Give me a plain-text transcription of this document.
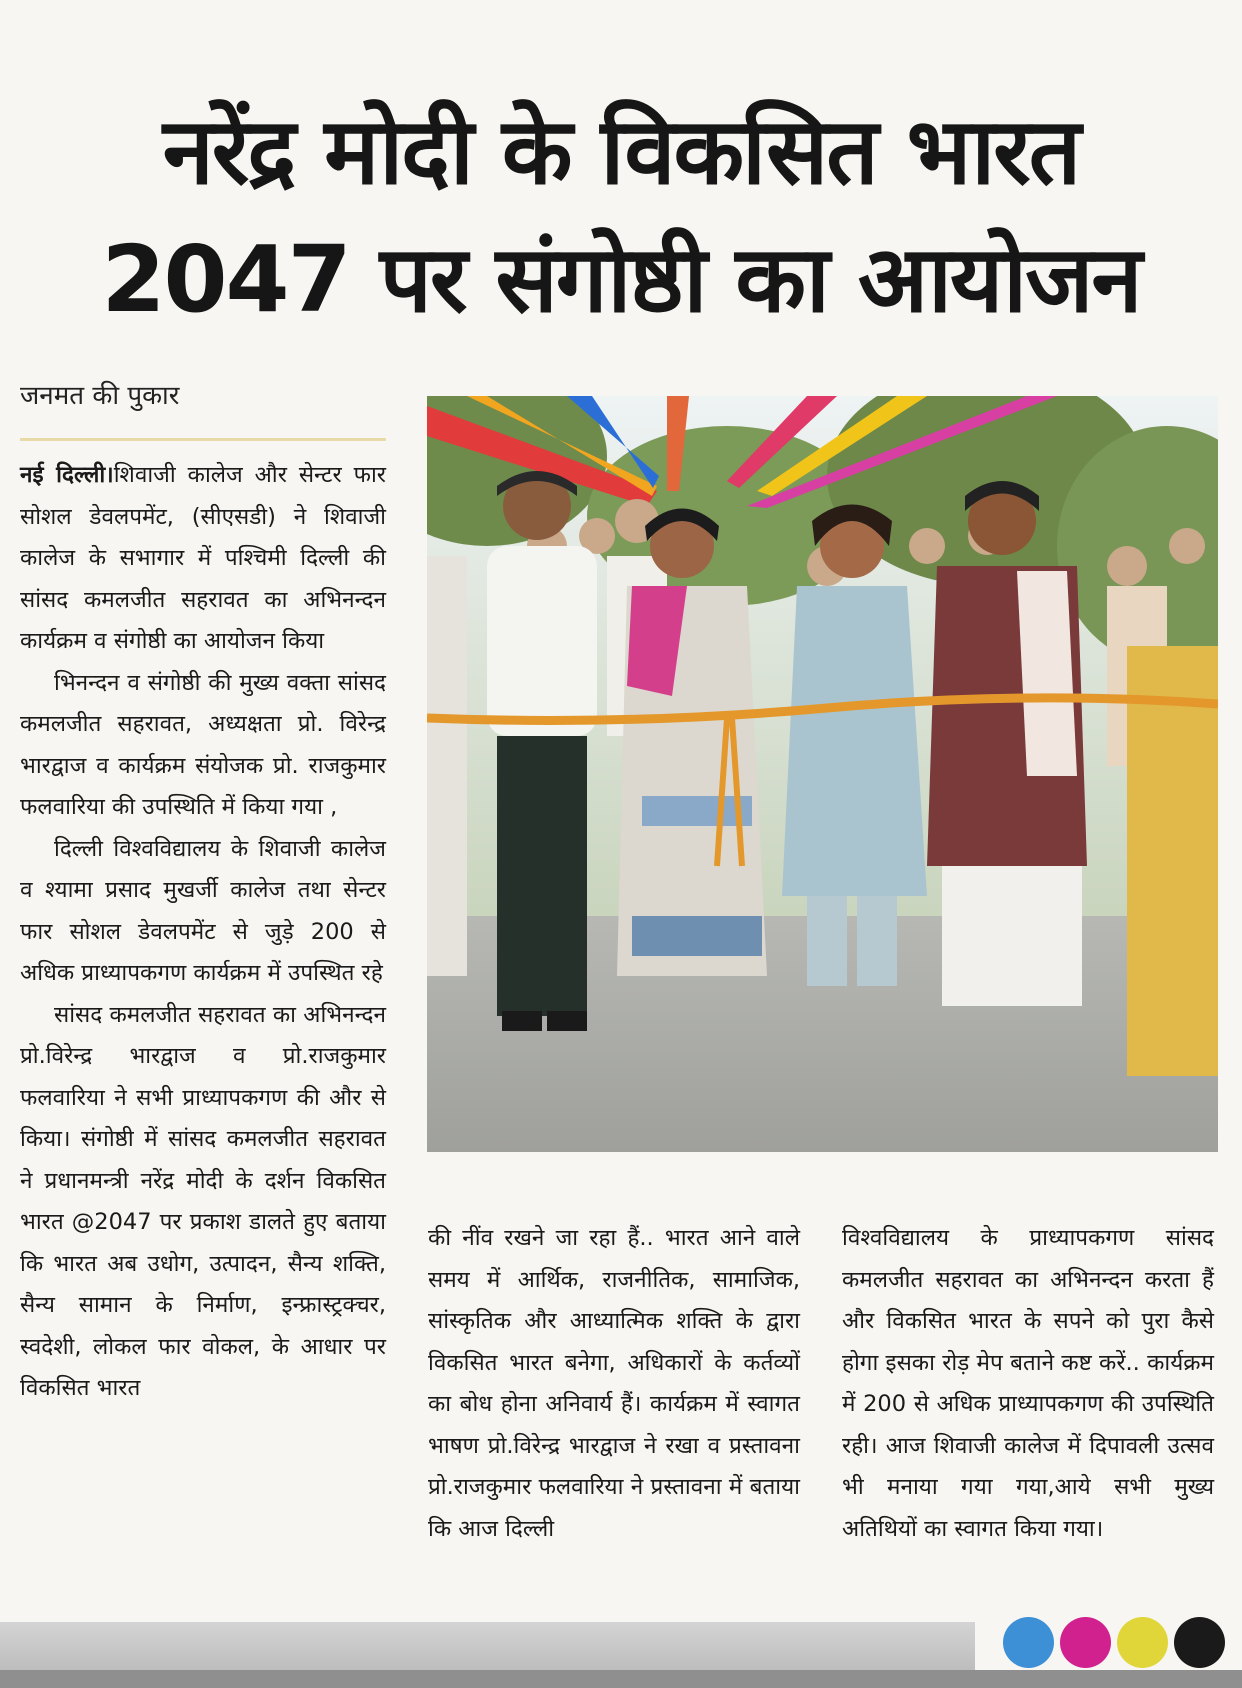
नरेंद्र मोदी के विकसित भारत
2047 पर संगोष्ठी का आयोजन
जनमत की पुकार

नई दिल्ली।शिवाजी कालेज और सेन्टर फार सोशल डेवलपमेंट, (सीएसडी) ने शिवाजी कालेज के सभागार में पश्चिमी दिल्ली की सांसद कमलजीत सहरावत का अभिनन्दन कार्यक्रम व संगोष्ठी का आयोजन किया

भिनन्दन व संगोष्ठी की मुख्य वक्ता सांसद कमलजीत सहरावत, अध्यक्षता प्रो. विरेन्द्र भारद्वाज व कार्यक्रम संयोजक प्रो. राजकुमार फलवारिया की उपस्थिति में किया गया ,

दिल्ली विश्वविद्यालय के शिवाजी कालेज व श्यामा प्रसाद मुखर्जी कालेज तथा सेन्टर फार सोशल डेवलपमेंट से जुड़े 200 से अधिक प्राध्यापकगण कार्यक्रम में उपस्थित रहे

सांसद कमलजीत सहरावत का अभिनन्दन प्रो.विरेन्द्र भारद्वाज व प्रो.राजकुमार फलवारिया ने सभी प्राध्यापकगण की और से किया। संगोष्ठी में सांसद कमलजीत सहरावत ने प्रधानमन्त्री नरेंद्र मोदी के दर्शन विकसित भारत @2047 पर प्रकाश डालते हुए बताया कि भारत अब उधोग, उत्पादन, सैन्य शक्ति, सैन्य सामान के निर्माण, इन्फ्रास्ट्रक्चर, स्वदेशी, लोकल फार वोकल, के आधार पर विकसित भारत

की नींव रखने जा रहा हैं.. भारत आने वाले समय में आर्थिक, राजनीतिक, सामाजिक, सांस्कृतिक और आध्यात्मिक शक्ति के द्वारा विकसित भारत बनेगा, अधिकारों के कर्तव्यों का बोध होना अनिवार्य हैं। कार्यक्रम में स्वागत भाषण प्रो.विरेन्द्र भारद्वाज ने रखा व प्रस्तावना प्रो.राजकुमार फलवारिया ने प्रस्तावना में बताया कि आज दिल्ली

विश्वविद्यालय के प्राध्यापकगण सांसद कमलजीत सहरावत का अभिनन्दन करता हैं और विकसित भारत के सपने को पुरा कैसे होगा इसका रोड़ मेप बताने कष्ट करें.. कार्यक्रम में 200 से अधिक प्राध्यापकगण की उपस्थिति रही। आज शिवाजी कालेज में दिपावली उत्सव भी मनाया गया गया,आये सभी मुख्य अतिथियों का स्वागत किया गया।
